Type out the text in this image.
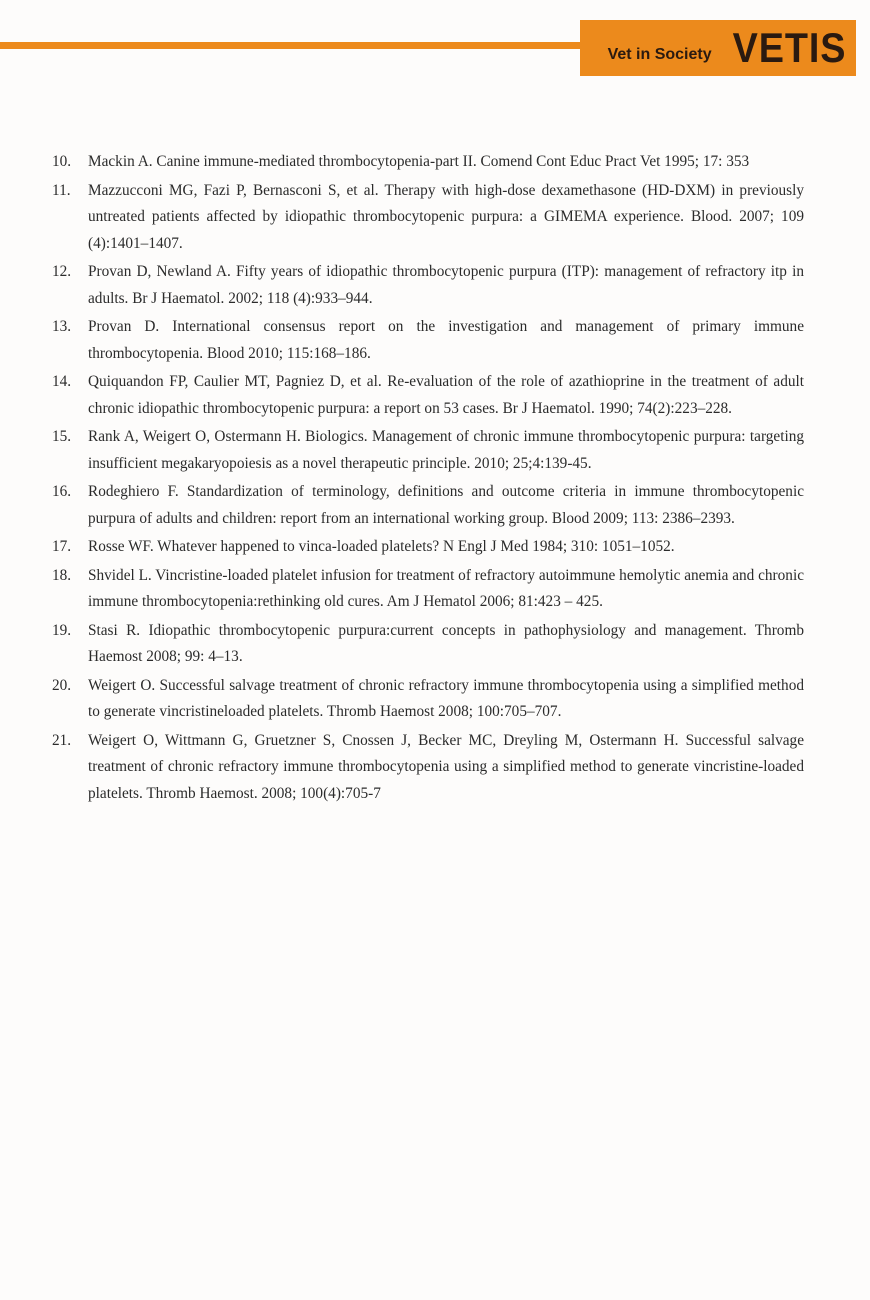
Vet in Society VETIS
10. Mackin A. Canine immune-mediated thrombocytopenia-part II. Comend Cont Educ Pract Vet 1995; 17: 353
11. Mazzucconi MG, Fazi P, Bernasconi S, et al. Therapy with high-dose dexamethasone (HD-DXM) in previously untreated patients affected by idiopathic thrombocytopenic purpura: a GIMEMA experience. Blood. 2007; 109 (4):1401–1407.
12. Provan D, Newland A. Fifty years of idiopathic thrombocytopenic purpura (ITP): management of refractory itp in adults. Br J Haematol. 2002; 118 (4):933–944.
13. Provan D. International consensus report on the investigation and management of primary immune thrombocytopenia. Blood 2010; 115:168–186.
14. Quiquandon FP, Caulier MT, Pagniez D, et al. Re-evaluation of the role of azathioprine in the treatment of adult chronic idiopathic thrombocytopenic purpura: a report on 53 cases. Br J Haematol. 1990; 74(2):223–228.
15. Rank A, Weigert O, Ostermann H. Biologics. Management of chronic immune thrombocytopenic purpura: targeting insufficient megakaryopoiesis as a novel therapeutic principle. 2010; 25;4:139-45.
16. Rodeghiero F. Standardization of terminology, definitions and outcome criteria in immune thrombocytopenic purpura of adults and children: report from an international working group. Blood 2009; 113: 2386–2393.
17. Rosse WF. Whatever happened to vinca-loaded platelets? N Engl J Med 1984; 310: 1051–1052.
18. Shvidel L. Vincristine-loaded platelet infusion for treatment of refractory autoimmune hemolytic anemia and chronic immune thrombocytopenia:rethinking old cures. Am J Hematol 2006; 81:423 – 425.
19. Stasi R. Idiopathic thrombocytopenic purpura:current concepts in pathophysiology and management. Thromb Haemost 2008; 99: 4–13.
20. Weigert O. Successful salvage treatment of chronic refractory immune thrombocytopenia using a simplified method to generate vincristineloaded platelets. Thromb Haemost 2008; 100:705–707.
21. Weigert O, Wittmann G, Gruetzner S, Cnossen J, Becker MC, Dreyling M, Ostermann H. Successful salvage treatment of chronic refractory immune thrombocytopenia using a simplified method to generate vincristine-loaded platelets. Thromb Haemost. 2008; 100(4):705-7
